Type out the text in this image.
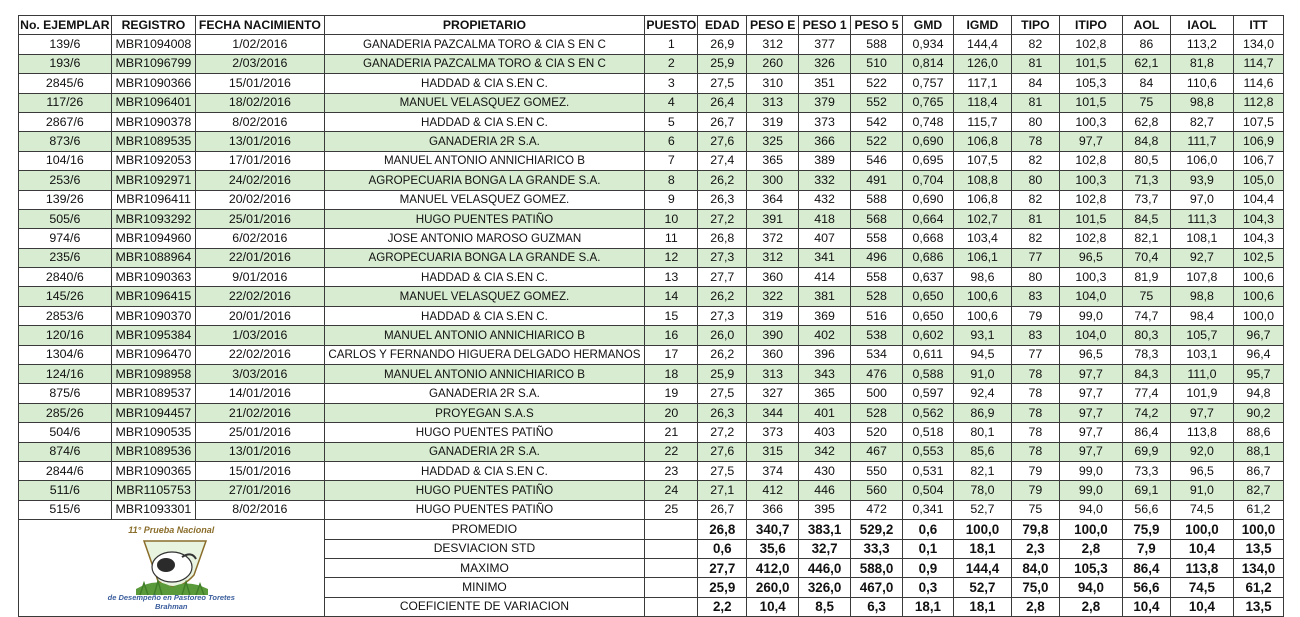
No. EJEMPLAR	REGISTRO	FECHA NACIMIENTO	PROPIETARIO	PUESTO	EDAD	PESO E	PESO 1	PESO 5	GMD	IGMD	TIPO	ITIPO	AOL	IAOL	ITT
139/6	MBR1094008	1/02/2016	GANADERIA PAZCALMA TORO & CIA S EN C	1	26,9	312	377	588	0,934	144,4	82	102,8	86	113,2	134,0
193/6	MBR1096799	2/03/2016	GANADERIA PAZCALMA TORO & CIA S EN C	2	25,9	260	326	510	0,814	126,0	81	101,5	62,1	81,8	114,7
2845/6	MBR1090366	15/01/2016	HADDAD & CIA S.EN C.	3	27,5	310	351	522	0,757	117,1	84	105,3	84	110,6	114,6
117/26	MBR1096401	18/02/2016	MANUEL VELASQUEZ GOMEZ.	4	26,4	313	379	552	0,765	118,4	81	101,5	75	98,8	112,8
2867/6	MBR1090378	8/02/2016	HADDAD & CIA S.EN C.	5	26,7	319	373	542	0,748	115,7	80	100,3	62,8	82,7	107,5
873/6	MBR1089535	13/01/2016	GANADERIA 2R S.A.	6	27,6	325	366	522	0,690	106,8	78	97,7	84,8	111,7	106,9
104/16	MBR1092053	17/01/2016	MANUEL ANTONIO ANNICHIARICO B	7	27,4	365	389	546	0,695	107,5	82	102,8	80,5	106,0	106,7
253/6	MBR1092971	24/02/2016	AGROPECUARIA BONGA LA GRANDE S.A.	8	26,2	300	332	491	0,704	108,8	80	100,3	71,3	93,9	105,0
139/26	MBR1096411	20/02/2016	MANUEL VELASQUEZ GOMEZ.	9	26,3	364	432	588	0,690	106,8	82	102,8	73,7	97,0	104,4
505/6	MBR1093292	25/01/2016	HUGO PUENTES PATIÑO	10	27,2	391	418	568	0,664	102,7	81	101,5	84,5	111,3	104,3
974/6	MBR1094960	6/02/2016	JOSE ANTONIO MAROSO GUZMAN	11	26,8	372	407	558	0,668	103,4	82	102,8	82,1	108,1	104,3
235/6	MBR1088964	22/01/2016	AGROPECUARIA BONGA LA GRANDE S.A.	12	27,3	312	341	496	0,686	106,1	77	96,5	70,4	92,7	102,5
2840/6	MBR1090363	9/01/2016	HADDAD & CIA S.EN C.	13	27,7	360	414	558	0,637	98,6	80	100,3	81,9	107,8	100,6
145/26	MBR1096415	22/02/2016	MANUEL VELASQUEZ GOMEZ.	14	26,2	322	381	528	0,650	100,6	83	104,0	75	98,8	100,6
2853/6	MBR1090370	20/01/2016	HADDAD & CIA S.EN C.	15	27,3	319	369	516	0,650	100,6	79	99,0	74,7	98,4	100,0
120/16	MBR1095384	1/03/2016	MANUEL ANTONIO ANNICHIARICO B	16	26,0	390	402	538	0,602	93,1	83	104,0	80,3	105,7	96,7
1304/6	MBR1096470	22/02/2016	CARLOS Y FERNANDO HIGUERA DELGADO HERMANOS	17	26,2	360	396	534	0,611	94,5	77	96,5	78,3	103,1	96,4
124/16	MBR1098958	3/03/2016	MANUEL ANTONIO ANNICHIARICO B	18	25,9	313	343	476	0,588	91,0	78	97,7	84,3	111,0	95,7
875/6	MBR1089537	14/01/2016	GANADERIA 2R S.A.	19	27,5	327	365	500	0,597	92,4	78	97,7	77,4	101,9	94,8
285/26	MBR1094457	21/02/2016	PROYEGAN S.A.S	20	26,3	344	401	528	0,562	86,9	78	97,7	74,2	97,7	90,2
504/6	MBR1090535	25/01/2016	HUGO PUENTES PATIÑO	21	27,2	373	403	520	0,518	80,1	78	97,7	86,4	113,8	88,6
874/6	MBR1089536	13/01/2016	GANADERIA 2R S.A.	22	27,6	315	342	467	0,553	85,6	78	97,7	69,9	92,0	88,1
2844/6	MBR1090365	15/01/2016	HADDAD & CIA S.EN C.	23	27,5	374	430	550	0,531	82,1	79	99,0	73,3	96,5	86,7
511/6	MBR1105753	27/01/2016	HUGO PUENTES PATIÑO	24	27,1	412	446	560	0,504	78,0	79	99,0	69,1	91,0	82,7
515/6	MBR1093301	8/02/2016	HUGO PUENTES PATIÑO	25	26,7	366	395	472	0,341	52,7	75	94,0	56,6	74,5	61,2

11° Prueba Nacional
de Desempeño en Pastoreo Toretes Brahman			PROMEDIO		26,8	340,7	383,1	529,2	0,6	100,0	79,8	100,0	75,9	100,0	100,0
			DESVIACION STD		0,6	35,6	32,7	33,3	0,1	18,1	2,3	2,8	7,9	10,4	13,5
			MAXIMO		27,7	412,0	446,0	588,0	0,9	144,4	84,0	105,3	86,4	113,8	134,0
			MINIMO		25,9	260,0	326,0	467,0	0,3	52,7	75,0	94,0	56,6	74,5	61,2
			COEFICIENTE DE VARIACION		2,2	10,4	8,5	6,3	18,1	18,1	2,8	2,8	10,4	10,4	13,5
